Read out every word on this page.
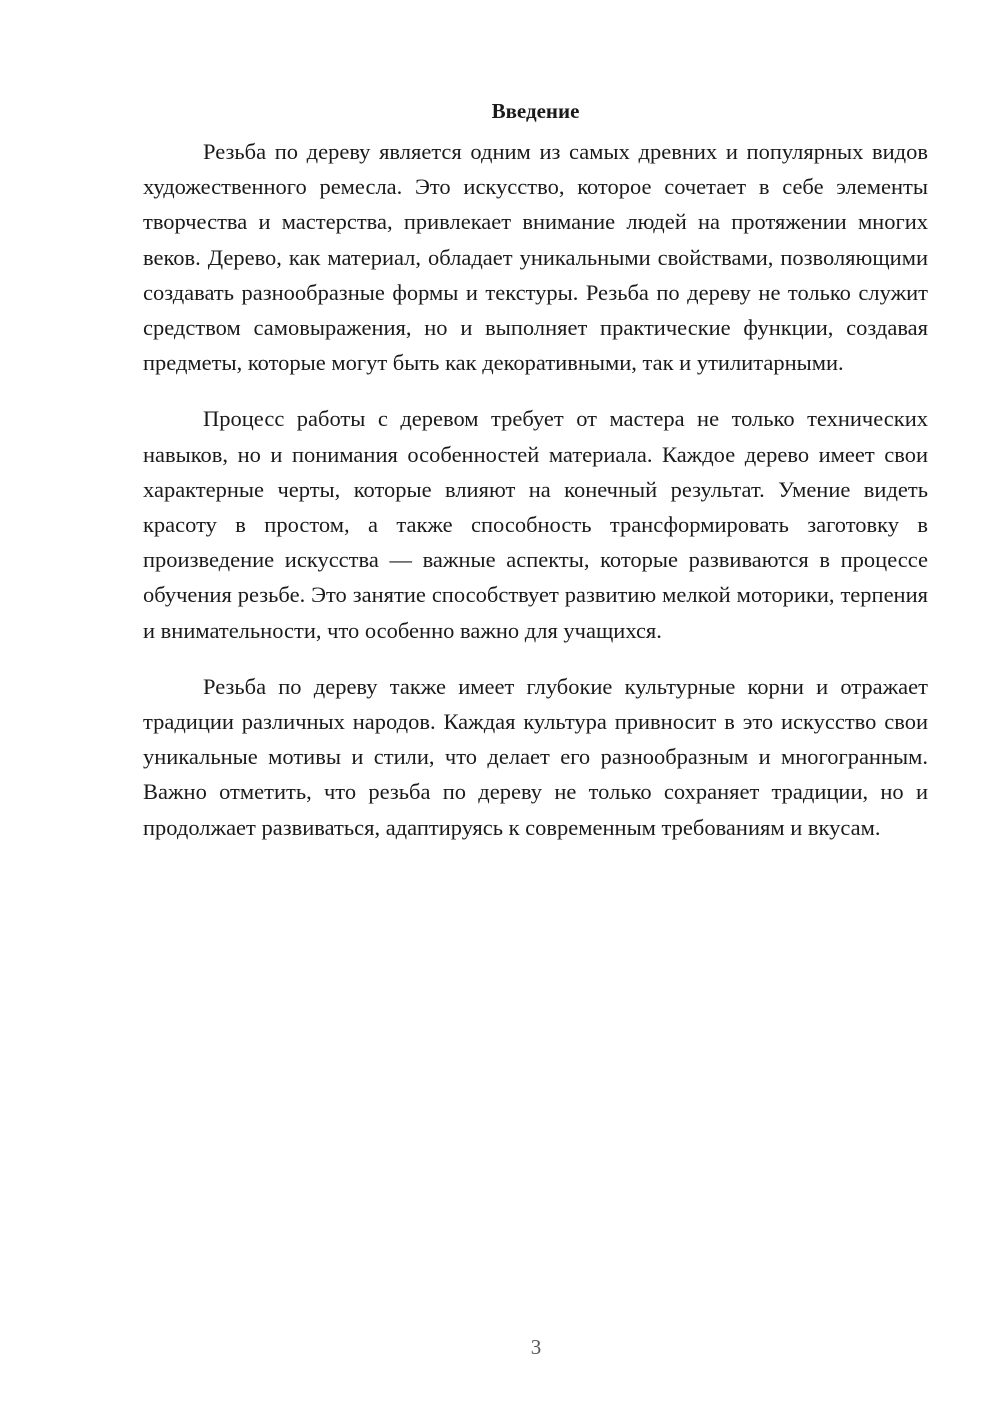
Введение

Резьба по дереву является одним из самых древних и популярных видов художественного ремесла. Это искусство, которое сочетает в себе элементы творчества и мастерства, привлекает внимание людей на протяжении многих веков. Дерево, как материал, обладает уникальными свойствами, позволяющими создавать разнообразные формы и текстуры. Резьба по дереву не только служит средством самовыражения, но и выполняет практические функции, создавая предметы, которые могут быть как декоративными, так и утилитарными.

Процесс работы с деревом требует от мастера не только технических навыков, но и понимания особенностей материала. Каждое дерево имеет свои характерные черты, которые влияют на конечный результат. Умение видеть красоту в простом, а также способность трансформировать заготовку в произведение искусства — важные аспекты, которые развиваются в процессе обучения резьбе. Это занятие способствует развитию мелкой моторики, терпения и внимательности, что особенно важно для учащихся.

Резьба по дереву также имеет глубокие культурные корни и отражает традиции различных народов. Каждая культура привносит в это искусство свои уникальные мотивы и стили, что делает его разнообразным и многогранным. Важно отметить, что резьба по дереву не только сохраняет традиции, но и продолжает развиваться, адаптируясь к современным требованиям и вкусам.

3
